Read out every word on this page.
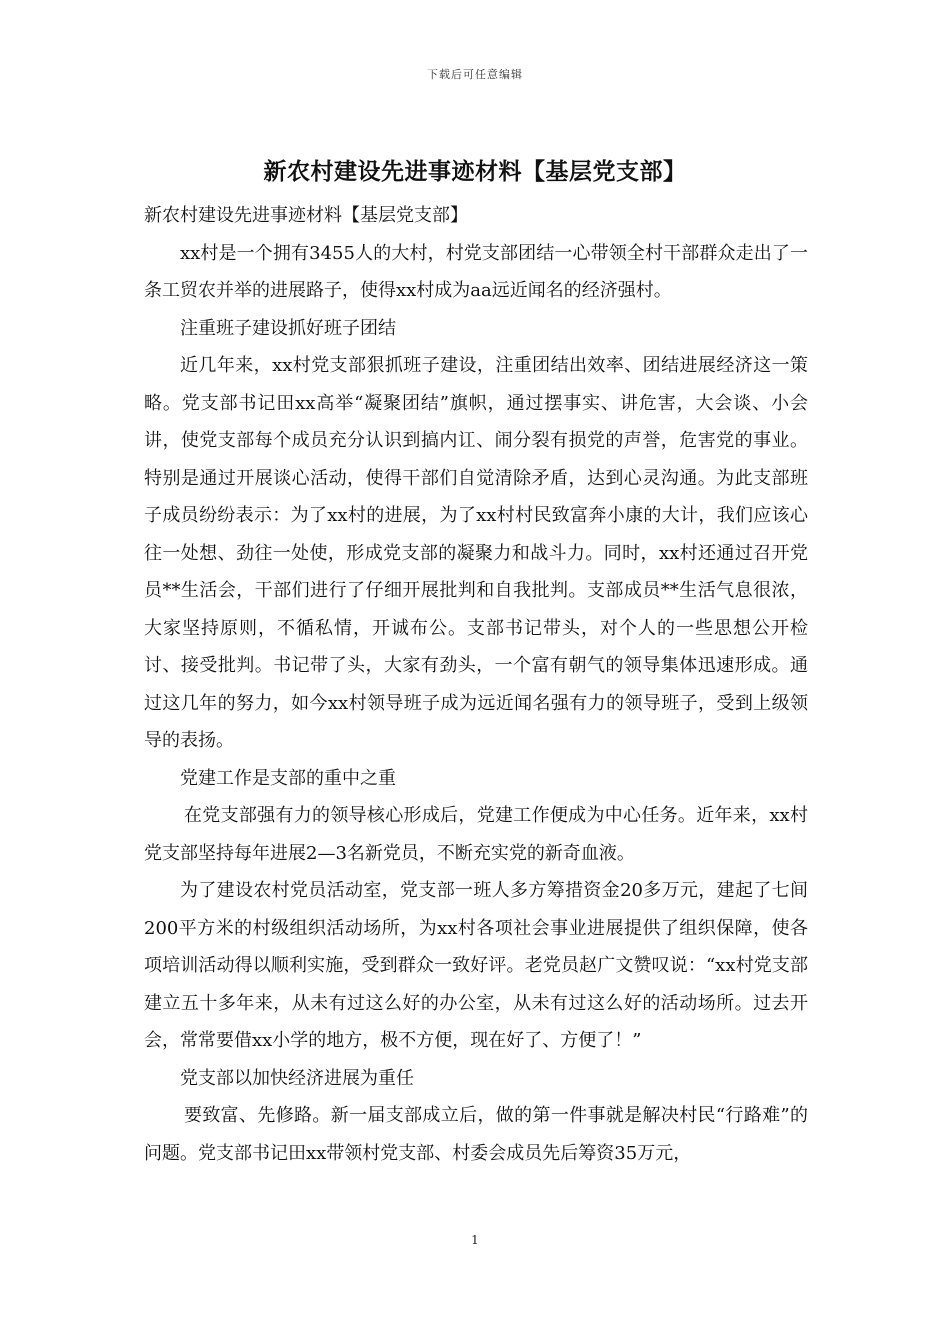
下载后可任意编辑
新农村建设先进事迹材料【基层党支部】

新农村建设先进事迹材料【基层党支部】

xx村是一个拥有3455人的大村，村党支部团结一心带领全村干部群众走出了一条工贸农并举的进展路子，使得xx村成为aa远近闻名的经济强村。

注重班子建设抓好班子团结

近几年来，xx村党支部狠抓班子建设，注重团结出效率、团结进展经济这一策略。党支部书记田xx高举“凝聚团结”旗帜，通过摆事实、讲危害，大会谈、小会讲，使党支部每个成员充分认识到搞内讧、闹分裂有损党的声誉，危害党的事业。特别是通过开展谈心活动，使得干部们自觉清除矛盾，达到心灵沟通。为此支部班子成员纷纷表示：为了xx村的进展，为了xx村村民致富奔小康的大计，我们应该心往一处想、劲往一处使，形成党支部的凝聚力和战斗力。同时，xx村还通过召开党员**生活会，干部们进行了仔细开展批判和自我批判。支部成员**生活气息很浓，大家坚持原则，不循私情，开诚布公。支部书记带头，对个人的一些思想公开检讨、接受批判。书记带了头，大家有劲头，一个富有朝气的领导集体迅速形成。通过这几年的努力，如今xx村领导班子成为远近闻名强有力的领导班子，受到上级领导的表扬。

党建工作是支部的重中之重

在党支部强有力的领导核心形成后，党建工作便成为中心任务。近年来，xx村党支部坚持每年进展2—3名新党员，不断充实党的新奇血液。

为了建设农村党员活动室，党支部一班人多方筹措资金20多万元，建起了七间200平方米的村级组织活动场所，为xx村各项社会事业进展提供了组织保障，使各项培训活动得以顺利实施，受到群众一致好评。老党员赵广文赞叹说：“xx村党支部建立五十多年来，从未有过这么好的办公室，从未有过这么好的活动场所。过去开会，常常要借xx小学的地方，极不方便，现在好了、方便了！”

党支部以加快经济进展为重任

要致富、先修路。新一届支部成立后，做的第一件事就是解决村民“行路难”的问题。党支部书记田xx带领村党支部、村委会成员先后筹资35万元，

1
